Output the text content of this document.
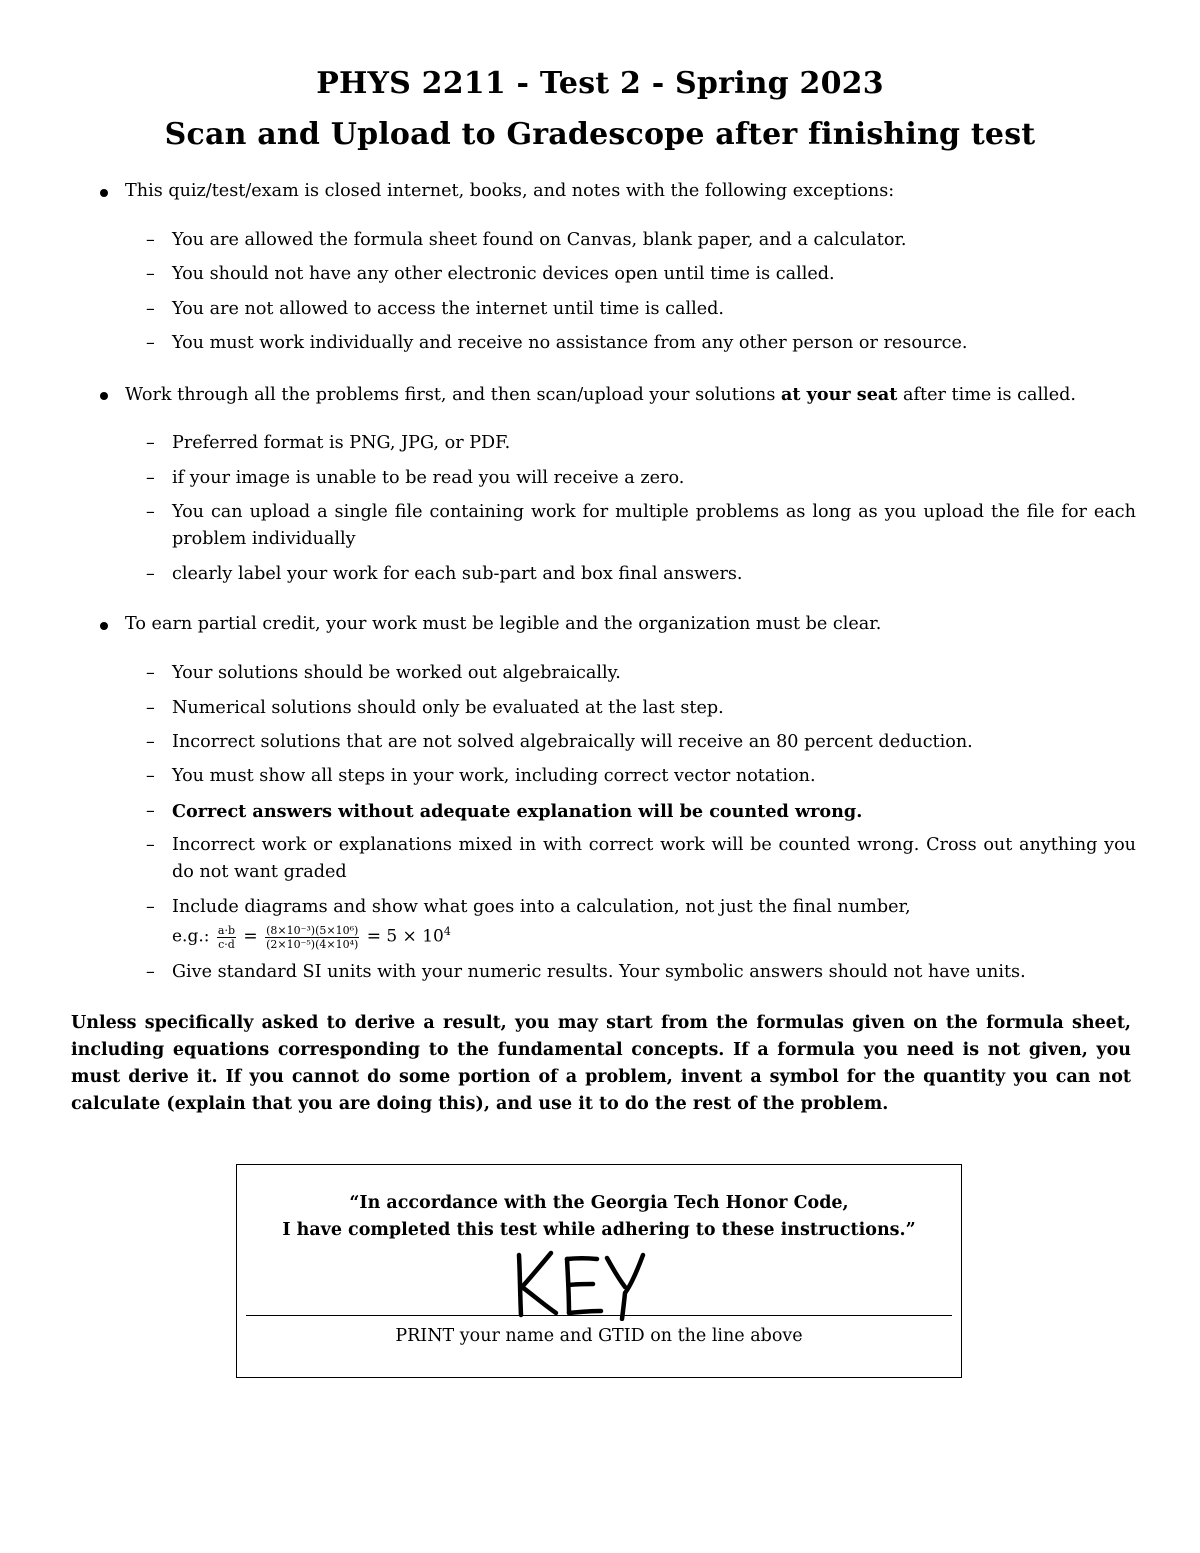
PHYS 2211 - Test 2 - Spring 2023
Scan and Upload to Gradescope after finishing test
This quiz/test/exam is closed internet, books, and notes with the following exceptions:
– You are allowed the formula sheet found on Canvas, blank paper, and a calculator.
– You should not have any other electronic devices open until time is called.
– You are not allowed to access the internet until time is called.
– You must work individually and receive no assistance from any other person or resource.
Work through all the problems first, and then scan/upload your solutions at your seat after time is called.
– Preferred format is PNG, JPG, or PDF.
– if your image is unable to be read you will receive a zero.
– You can upload a single file containing work for multiple problems as long as you upload the file for each problem individually
– clearly label your work for each sub-part and box final answers.
To earn partial credit, your work must be legible and the organization must be clear.
– Your solutions should be worked out algebraically.
– Numerical solutions should only be evaluated at the last step.
– Incorrect solutions that are not solved algebraically will receive an 80 percent deduction.
– You must show all steps in your work, including correct vector notation.
– Correct answers without adequate explanation will be counted wrong.
– Incorrect work or explanations mixed in with correct work will be counted wrong. Cross out anything you do not want graded
– Include diagrams and show what goes into a calculation, not just the final number,
e.g.: $\frac{a\cdot b}{c\cdot d} = \frac{\text{(8×10⁻³)(5×10⁶)}}{\text{(2×10⁻⁵)(4×10⁴)}} = 5 \times 10^4$
– Give standard SI units with your numeric results. Your symbolic answers should not have units.
Unless specifically asked to derive a result, you may start from the formulas given on the formula sheet, including equations corresponding to the fundamental concepts. If a formula you need is not given, you must derive it. If you cannot do some portion of a problem, invent a symbol for the quantity you can not calculate (explain that you are doing this), and use it to do the rest of the problem.
“In accordance with the Georgia Tech Honor Code,
I have completed this test while adhering to these instructions.”
PRINT your name and GTID on the line above
